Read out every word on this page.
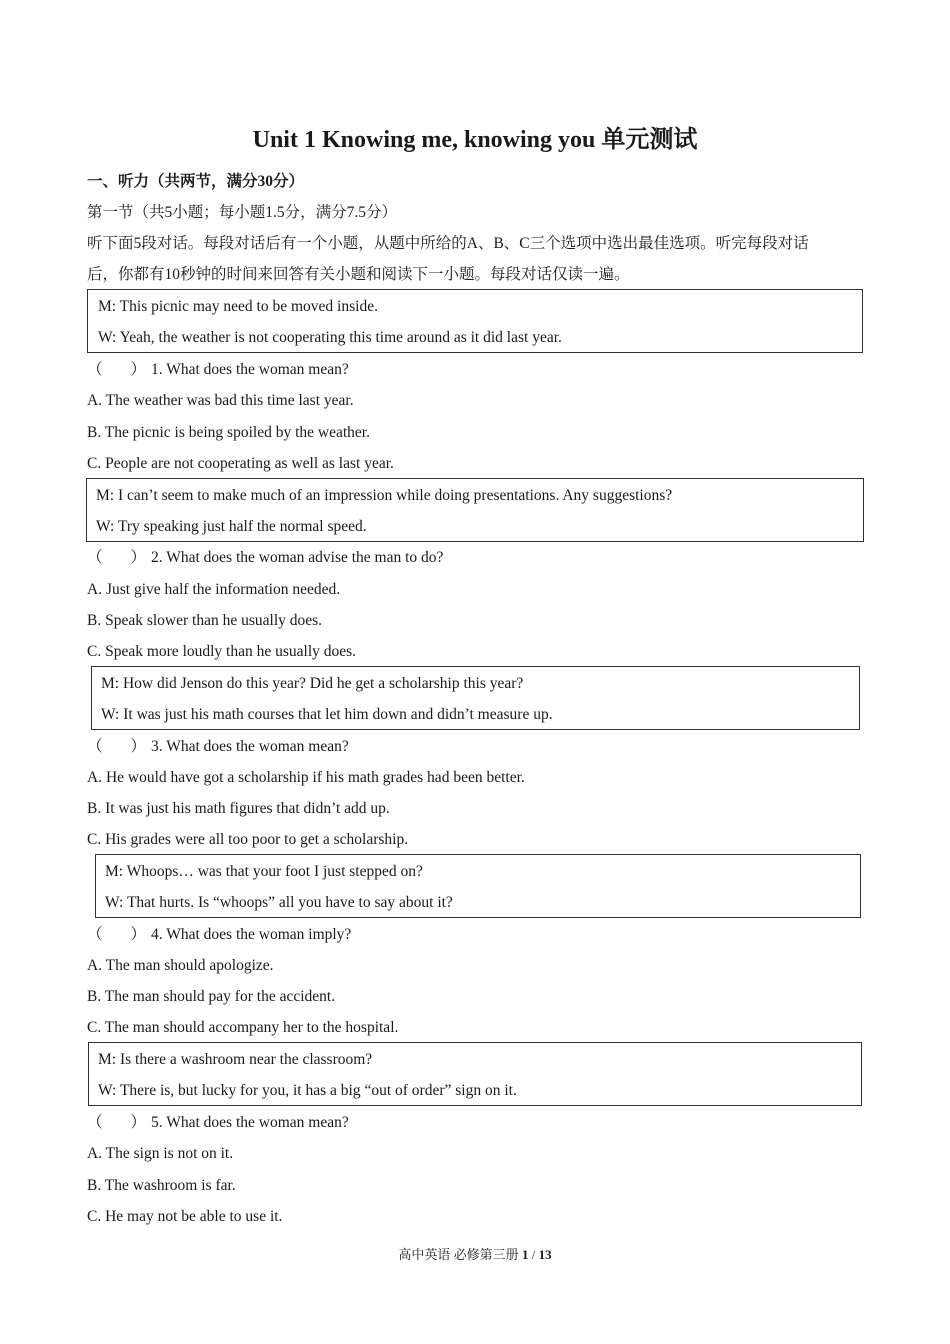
Unit 1 Knowing me, knowing you 单元测试
一、听力（共两节，满分30分）
第一节（共5小题；每小题1.5分，满分7.5分）
听下面5段对话。每段对话后有一个小题，从题中所给的A、B、C三个选项中选出最佳选项。听完每段对话
后，你都有10秒钟的时间来回答有关小题和阅读下一小题。每段对话仅读一遍。
M: This picnic may need to be moved inside.
W: Yeah, the weather is not cooperating this time around as it did last year.
（ ） 1. What does the woman mean?
A. The weather was bad this time last year.
B. The picnic is being spoiled by the weather.
C. People are not cooperating as well as last year.
M: I can’t seem to make much of an impression while doing presentations. Any suggestions?
W: Try speaking just half the normal speed.
（ ） 2. What does the woman advise the man to do?
A. Just give half the information needed.
B. Speak slower than he usually does.
C. Speak more loudly than he usually does.
M: How did Jenson do this year? Did he get a scholarship this year?
W: It was just his math courses that let him down and didn’t measure up.
（ ） 3. What does the woman mean?
A. He would have got a scholarship if his math grades had been better.
B. It was just his math figures that didn’t add up.
C. His grades were all too poor to get a scholarship.
M: Whoops… was that your foot I just stepped on?
W: That hurts. Is “whoops” all you have to say about it?
（ ） 4. What does the woman imply?
A. The man should apologize.
B. The man should pay for the accident.
C. The man should accompany her to the hospital.
M: Is there a washroom near the classroom?
W: There is, but lucky for you, it has a big “out of order” sign on it.
（ ） 5. What does the woman mean?
A. The sign is not on it.
B. The washroom is far.
C. He may not be able to use it.
高中英语 必修第三册 1 / 13
